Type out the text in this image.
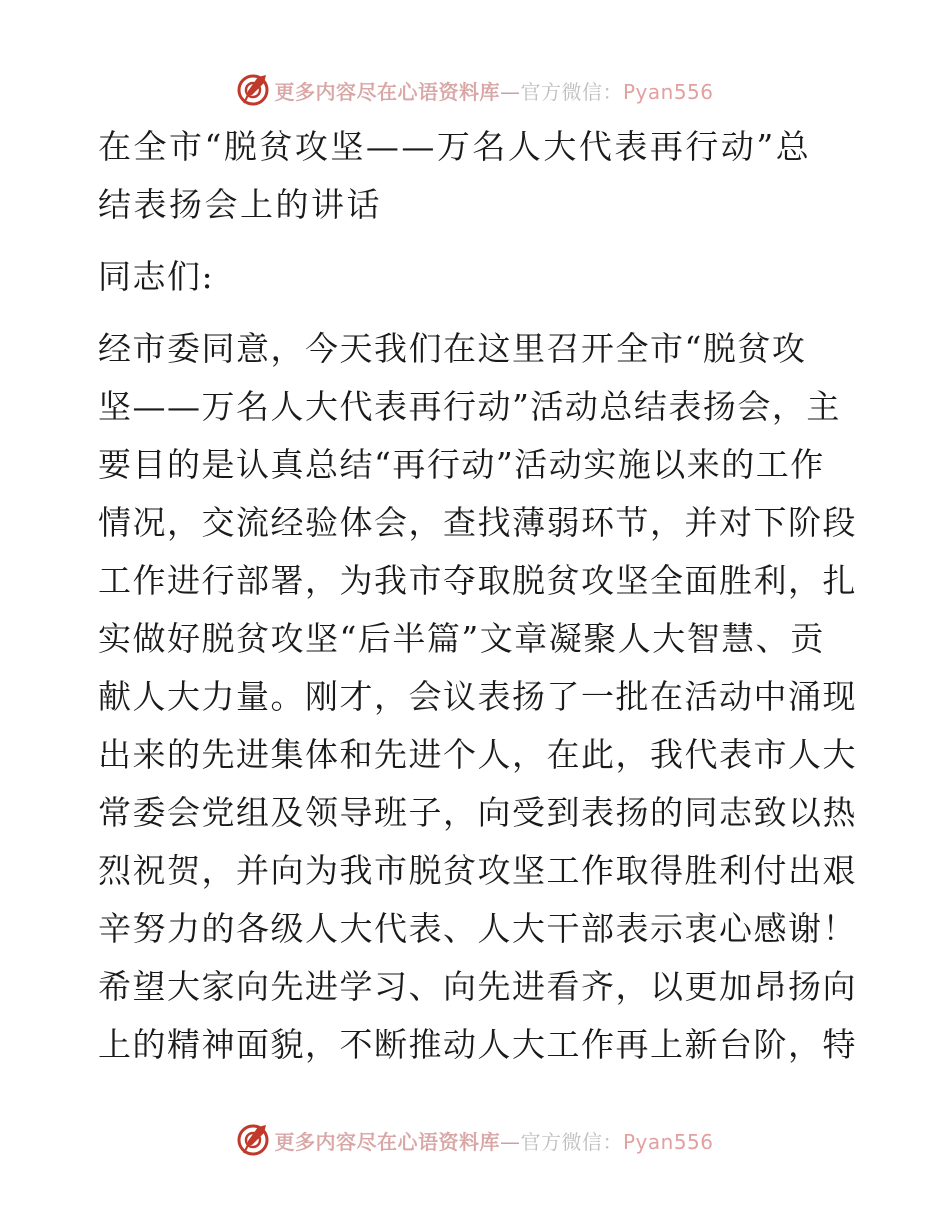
更多内容尽在心语资料库—官方微信：Pyan556
在全市“脱贫攻坚——万名人大代表再行动”总
结表扬会上的讲话
同志们:
经市委同意，今天我们在这里召开全市“脱贫攻
坚——万名人大代表再行动”活动总结表扬会，主
要目的是认真总结“再行动”活动实施以来的工作
情况，交流经验体会，查找薄弱环节，并对下阶段
工作进行部署，为我市夺取脱贫攻坚全面胜利，扎
实做好脱贫攻坚“后半篇”文章凝聚人大智慧、贡
献人大力量。刚才，会议表扬了一批在活动中涌现
出来的先进集体和先进个人，在此，我代表市人大
常委会党组及领导班子，向受到表扬的同志致以热
烈祝贺，并向为我市脱贫攻坚工作取得胜利付出艰
辛努力的各级人大代表、人大干部表示衷心感谢！
希望大家向先进学习、向先进看齐，以更加昂扬向
上的精神面貌，不断推动人大工作再上新台阶，特
更多内容尽在心语资料库—官方微信：Pyan556
